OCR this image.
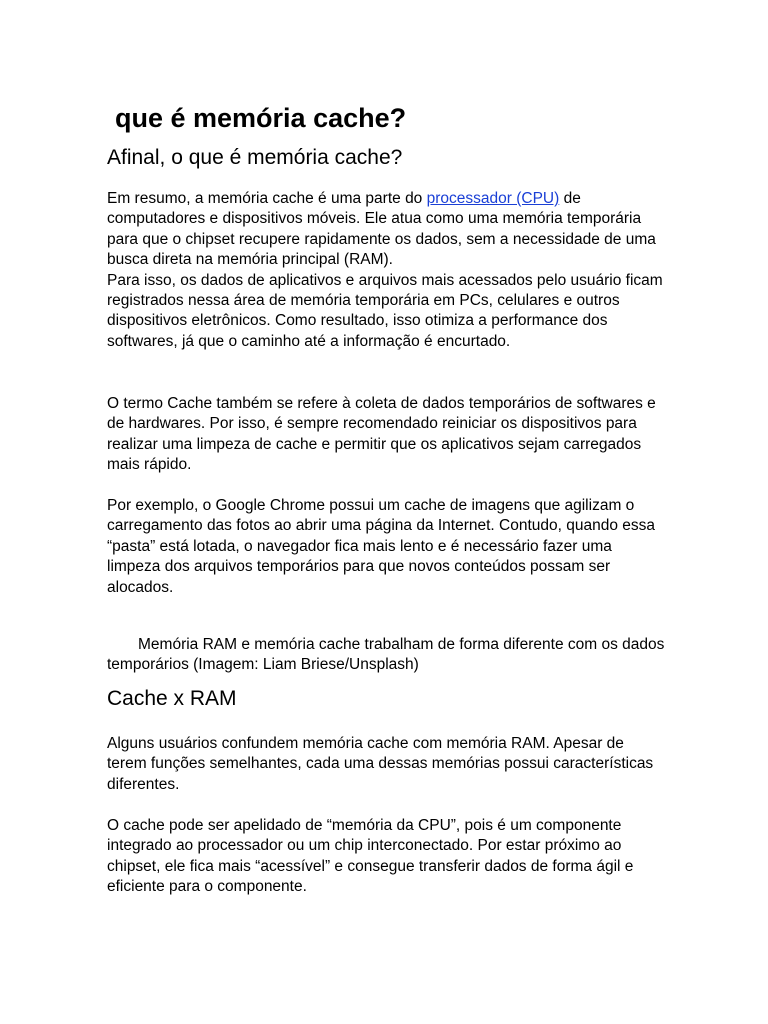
que é memória cache?
Afinal, o que é memória cache?

Em resumo, a memória cache é uma parte do processador (CPU) de computadores e dispositivos móveis. Ele atua como uma memória temporária para que o chipset recupere rapidamente os dados, sem a necessidade de uma busca direta na memória principal (RAM).
Para isso, os dados de aplicativos e arquivos mais acessados pelo usuário ficam registrados nessa área de memória temporária em PCs, celulares e outros dispositivos eletrônicos. Como resultado, isso otimiza a performance dos softwares, já que o caminho até a informação é encurtado.

O termo Cache também se refere à coleta de dados temporários de softwares e de hardwares. Por isso, é sempre recomendado reiniciar os dispositivos para realizar uma limpeza de cache e permitir que os aplicativos sejam carregados mais rápido.

Por exemplo, o Google Chrome possui um cache de imagens que agilizam o carregamento das fotos ao abrir uma página da Internet. Contudo, quando essa “pasta” está lotada, o navegador fica mais lento e é necessário fazer uma limpeza dos arquivos temporários para que novos conteúdos possam ser alocados.

Memória RAM e memória cache trabalham de forma diferente com os dados temporários (Imagem: Liam Briese/Unsplash)

Cache x RAM

Alguns usuários confundem memória cache com memória RAM. Apesar de terem funções semelhantes, cada uma dessas memórias possui características diferentes.

O cache pode ser apelidado de “memória da CPU”, pois é um componente integrado ao processador ou um chip interconectado. Por estar próximo ao chipset, ele fica mais “acessível” e consegue transferir dados de forma ágil e eficiente para o componente.
